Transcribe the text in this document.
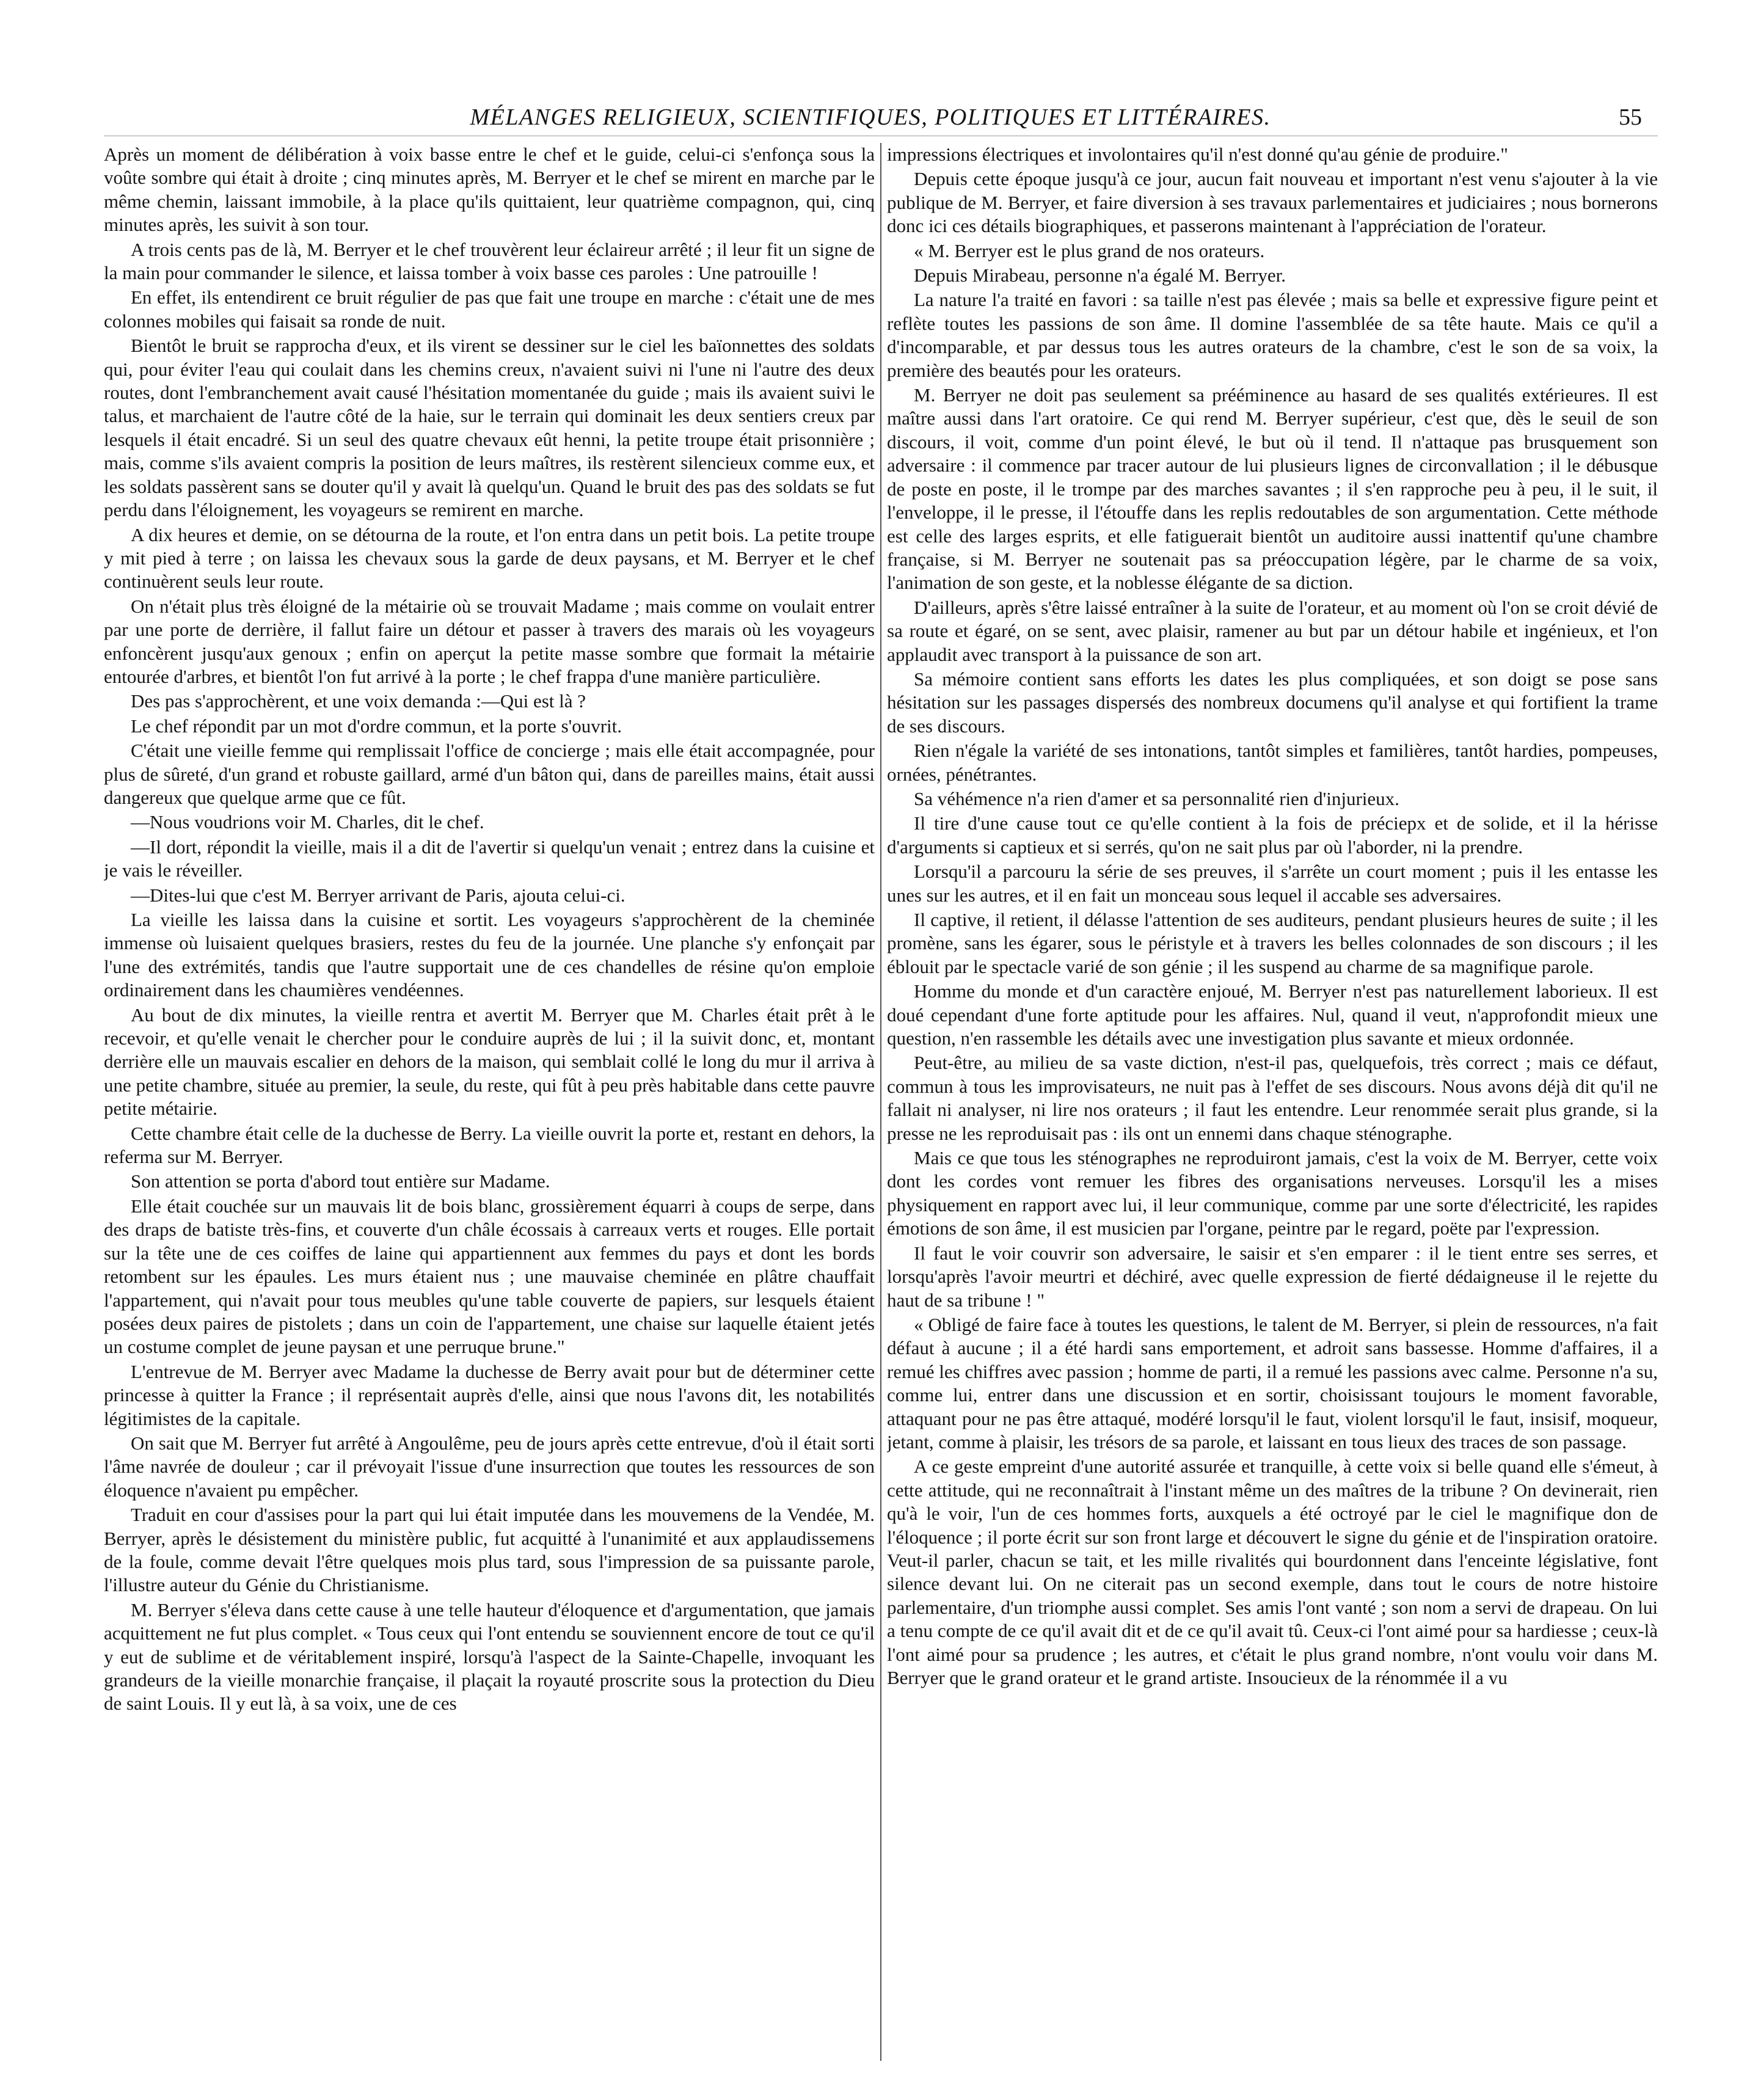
MÉLANGES RELIGIEUX, SCIENTIFIQUES, POLITIQUES ET LITTÉRAIRES.	55

Après un moment de délibération à voix basse entre le chef et le guide, celui-ci s'enfonça sous la voûte sombre qui était à droite ; cinq minutes après, M. Berryer et le chef se mirent en marche par le même chemin, laissant immobile, à la place qu'ils quittaient, leur quatrième compagnon, qui, cinq minutes après, les suivit à son tour.

A trois cents pas de là, M. Berryer et le chef trouvèrent leur éclaireur arrêté ; il leur fit un signe de la main pour commander le silence, et laissa tomber à voix basse ces paroles : Une patrouille !

En effet, ils entendirent ce bruit régulier de pas que fait une troupe en marche : c'était une de mes colonnes mobiles qui faisait sa ronde de nuit.

Bientôt le bruit se rapprocha d'eux, et ils virent se dessiner sur le ciel les baïonnettes des soldats qui, pour éviter l'eau qui coulait dans les chemins creux, n'avaient suivi ni l'une ni l'autre des deux routes, dont l'embranchement avait causé l'hésitation momentanée du guide ; mais ils avaient suivi le talus, et marchaient de l'autre côté de la haie, sur le terrain qui dominait les deux sentiers creux par lesquels il était encadré. Si un seul des quatre chevaux eût henni, la petite troupe était prisonnière ; mais, comme s'ils avaient compris la position de leurs maîtres, ils restèrent silencieux comme eux, et les soldats passèrent sans se douter qu'il y avait là quelqu'un. Quand le bruit des pas des soldats se fut perdu dans l'éloignement, les voyageurs se remirent en marche.

A dix heures et demie, on se détourna de la route, et l'on entra dans un petit bois. La petite troupe y mit pied à terre ; on laissa les chevaux sous la garde de deux paysans, et M. Berryer et le chef continuèrent seuls leur route.

On n'était plus très éloigné de la métairie où se trouvait Madame ; mais comme on voulait entrer par une porte de derrière, il fallut faire un détour et passer à travers des marais où les voyageurs enfoncèrent jusqu'aux genoux ; enfin on aperçut la petite masse sombre que formait la métairie entourée d'arbres, et bientôt l'on fut arrivé à la porte ; le chef frappa d'une manière particulière.

Des pas s'approchèrent, et une voix demanda :—Qui est là ?

Le chef répondit par un mot d'ordre commun, et la porte s'ouvrit.

C'était une vieille femme qui remplissait l'office de concierge ; mais elle était accompagnée, pour plus de sûreté, d'un grand et robuste gaillard, armé d'un bâton qui, dans de pareilles mains, était aussi dangereux que quelque arme que ce fût.

—Nous voudrions voir M. Charles, dit le chef.

—Il dort, répondit la vieille, mais il a dit de l'avertir si quelqu'un venait ; entrez dans la cuisine et je vais le réveiller.

—Dites-lui que c'est M. Berryer arrivant de Paris, ajouta celui-ci.

La vieille les laissa dans la cuisine et sortit. Les voyageurs s'approchèrent de la cheminée immense où luisaient quelques brasiers, restes du feu de la journée. Une planche s'y enfonçait par l'une des extrémités, tandis que l'autre supportait une de ces chandelles de résine qu'on emploie ordinairement dans les chaumières vendéennes.

Au bout de dix minutes, la vieille rentra et avertit M. Berryer que M. Charles était prêt à le recevoir, et qu'elle venait le chercher pour le conduire auprès de lui ; il la suivit donc, et, montant derrière elle un mauvais escalier en dehors de la maison, qui semblait collé le long du mur il arriva à une petite chambre, située au premier, la seule, du reste, qui fût à peu près habitable dans cette pauvre petite métairie.

Cette chambre était celle de la duchesse de Berry. La vieille ouvrit la porte et, restant en dehors, la referma sur M. Berryer.

Son attention se porta d'abord tout entière sur Madame.

Elle était couchée sur un mauvais lit de bois blanc, grossièrement équarri à coups de serpe, dans des draps de batiste très-fins, et couverte d'un châle écossais à carreaux verts et rouges. Elle portait sur la tête une de ces coiffes de laine qui appartiennent aux femmes du pays et dont les bords retombent sur les épaules. Les murs étaient nus ; une mauvaise cheminée en plâtre chauffait l'appartement, qui n'avait pour tous meubles qu'une table couverte de papiers, sur lesquels étaient posées deux paires de pistolets ; dans un coin de l'appartement, une chaise sur laquelle étaient jetés un costume complet de jeune paysan et une perruque brune."

L'entrevue de M. Berryer avec Madame la duchesse de Berry avait pour but de déterminer cette princesse à quitter la France ; il représentait auprès d'elle, ainsi que nous l'avons dit, les notabilités légitimistes de la capitale.

On sait que M. Berryer fut arrêté à Angoulême, peu de jours après cette entrevue, d'où il était sorti l'âme navrée de douleur ; car il prévoyait l'issue d'une insurrection que toutes les ressources de son éloquence n'avaient pu empêcher.

Traduit en cour d'assises pour la part qui lui était imputée dans les mouvemens de la Vendée, M. Berryer, après le désistement du ministère public, fut acquitté à l'unanimité et aux applaudissemens de la foule, comme devait l'être quelques mois plus tard, sous l'impression de sa puissante parole, l'illustre auteur du Génie du Christianisme.

M. Berryer s'éleva dans cette cause à une telle hauteur d'éloquence et d'argumentation, que jamais acquittement ne fut plus complet. « Tous ceux qui l'ont entendu se souviennent encore de tout ce qu'il y eut de sublime et de véritablement inspiré, lorsqu'à l'aspect de la Sainte-Chapelle, invoquant les grandeurs de la vieille monarchie française, il plaçait la royauté proscrite sous la protection du Dieu de saint Louis. Il y eut là, à sa voix, une de ces

impressions électriques et involontaires qu'il n'est donné qu'au génie de produire."

Depuis cette époque jusqu'à ce jour, aucun fait nouveau et important n'est venu s'ajouter à la vie publique de M. Berryer, et faire diversion à ses travaux parlementaires et judiciaires ; nous bornerons donc ici ces détails biographiques, et passerons maintenant à l'appréciation de l'orateur.

« M. Berryer est le plus grand de nos orateurs.

Depuis Mirabeau, personne n'a égalé M. Berryer.

La nature l'a traité en favori : sa taille n'est pas élevée ; mais sa belle et expressive figure peint et reflète toutes les passions de son âme. Il domine l'assemblée de sa tête haute. Mais ce qu'il a d'incomparable, et par dessus tous les autres orateurs de la chambre, c'est le son de sa voix, la première des beautés pour les orateurs.

M. Berryer ne doit pas seulement sa prééminence au hasard de ses qualités extérieures. Il est maître aussi dans l'art oratoire. Ce qui rend M. Berryer supérieur, c'est que, dès le seuil de son discours, il voit, comme d'un point élevé, le but où il tend. Il n'attaque pas brusquement son adversaire : il commence par tracer autour de lui plusieurs lignes de circonvallation ; il le débusque de poste en poste, il le trompe par des marches savantes ; il s'en rapproche peu à peu, il le suit, il l'enveloppe, il le presse, il l'étouffe dans les replis redoutables de son argumentation. Cette méthode est celle des larges esprits, et elle fatiguerait bientôt un auditoire aussi inattentif qu'une chambre française, si M. Berryer ne soutenait pas sa préoccupation légère, par le charme de sa voix, l'animation de son geste, et la noblesse élégante de sa diction.

D'ailleurs, après s'être laissé entraîner à la suite de l'orateur, et au moment où l'on se croit dévié de sa route et égaré, on se sent, avec plaisir, ramener au but par un détour habile et ingénieux, et l'on applaudit avec transport à la puissance de son art.

Sa mémoire contient sans efforts les dates les plus compliquées, et son doigt se pose sans hésitation sur les passages dispersés des nombreux documens qu'il analyse et qui fortifient la trame de ses discours.

Rien n'égale la variété de ses intonations, tantôt simples et familières, tantôt hardies, pompeuses, ornées, pénétrantes.

Sa véhémence n'a rien d'amer et sa personnalité rien d'injurieux.

Il tire d'une cause tout ce qu'elle contient à la fois de préciepx et de solide, et il la hérisse d'arguments si captieux et si serrés, qu'on ne sait plus par où l'aborder, ni la prendre.

Lorsqu'il a parcouru la série de ses preuves, il s'arrête un court moment ; puis il les entasse les unes sur les autres, et il en fait un monceau sous lequel il accable ses adversaires.

Il captive, il retient, il délasse l'attention de ses auditeurs, pendant plusieurs heures de suite ; il les promène, sans les égarer, sous le péristyle et à travers les belles colonnades de son discours ; il les éblouit par le spectacle varié de son génie ; il les suspend au charme de sa magnifique parole.

Homme du monde et d'un caractère enjoué, M. Berryer n'est pas naturellement laborieux. Il est doué cependant d'une forte aptitude pour les affaires. Nul, quand il veut, n'approfondit mieux une question, n'en rassemble les détails avec une investigation plus savante et mieux ordonnée.

Peut-être, au milieu de sa vaste diction, n'est-il pas, quelquefois, très correct ; mais ce défaut, commun à tous les improvisateurs, ne nuit pas à l'effet de ses discours. Nous avons déjà dit qu'il ne fallait ni analyser, ni lire nos orateurs ; il faut les entendre. Leur renommée serait plus grande, si la presse ne les reproduisait pas : ils ont un ennemi dans chaque sténographe.

Mais ce que tous les sténographes ne reproduiront jamais, c'est la voix de M. Berryer, cette voix dont les cordes vont remuer les fibres des organisations nerveuses. Lorsqu'il les a mises physiquement en rapport avec lui, il leur communique, comme par une sorte d'électricité, les rapides émotions de son âme, il est musicien par l'organe, peintre par le regard, poëte par l'expression.

Il faut le voir couvrir son adversaire, le saisir et s'en emparer : il le tient entre ses serres, et lorsqu'après l'avoir meurtri et déchiré, avec quelle expression de fierté dédaigneuse il le rejette du haut de sa tribune ! "

« Obligé de faire face à toutes les questions, le talent de M. Berryer, si plein de ressources, n'a fait défaut à aucune ; il a été hardi sans emportement, et adroit sans bassesse. Homme d'affaires, il a remué les chiffres avec passion ; homme de parti, il a remué les passions avec calme. Personne n'a su, comme lui, entrer dans une discussion et en sortir, choisissant toujours le moment favorable, attaquant pour ne pas être attaqué, modéré lorsqu'il le faut, violent lorsqu'il le faut, insisif, moqueur, jetant, comme à plaisir, les trésors de sa parole, et laissant en tous lieux des traces de son passage.

A ce geste empreint d'une autorité assurée et tranquille, à cette voix si belle quand elle s'émeut, à cette attitude, qui ne reconnaîtrait à l'instant même un des maîtres de la tribune ? On devinerait, rien qu'à le voir, l'un de ces hommes forts, auxquels a été octroyé par le ciel le magnifique don de l'éloquence ; il porte écrit sur son front large et découvert le signe du génie et de l'inspiration oratoire. Veut-il parler, chacun se tait, et les mille rivalités qui bourdonnent dans l'enceinte législative, font silence devant lui. On ne citerait pas un second exemple, dans tout le cours de notre histoire parlementaire, d'un triomphe aussi complet. Ses amis l'ont vanté ; son nom a servi de drapeau. On lui a tenu compte de ce qu'il avait dit et de ce qu'il avait tû. Ceux-ci l'ont aimé pour sa hardiesse ; ceux-là l'ont aimé pour sa prudence ; les autres, et c'était le plus grand nombre, n'ont voulu voir dans M. Berryer que le grand orateur et le grand artiste. Insoucieux de la rénommée il a vu
